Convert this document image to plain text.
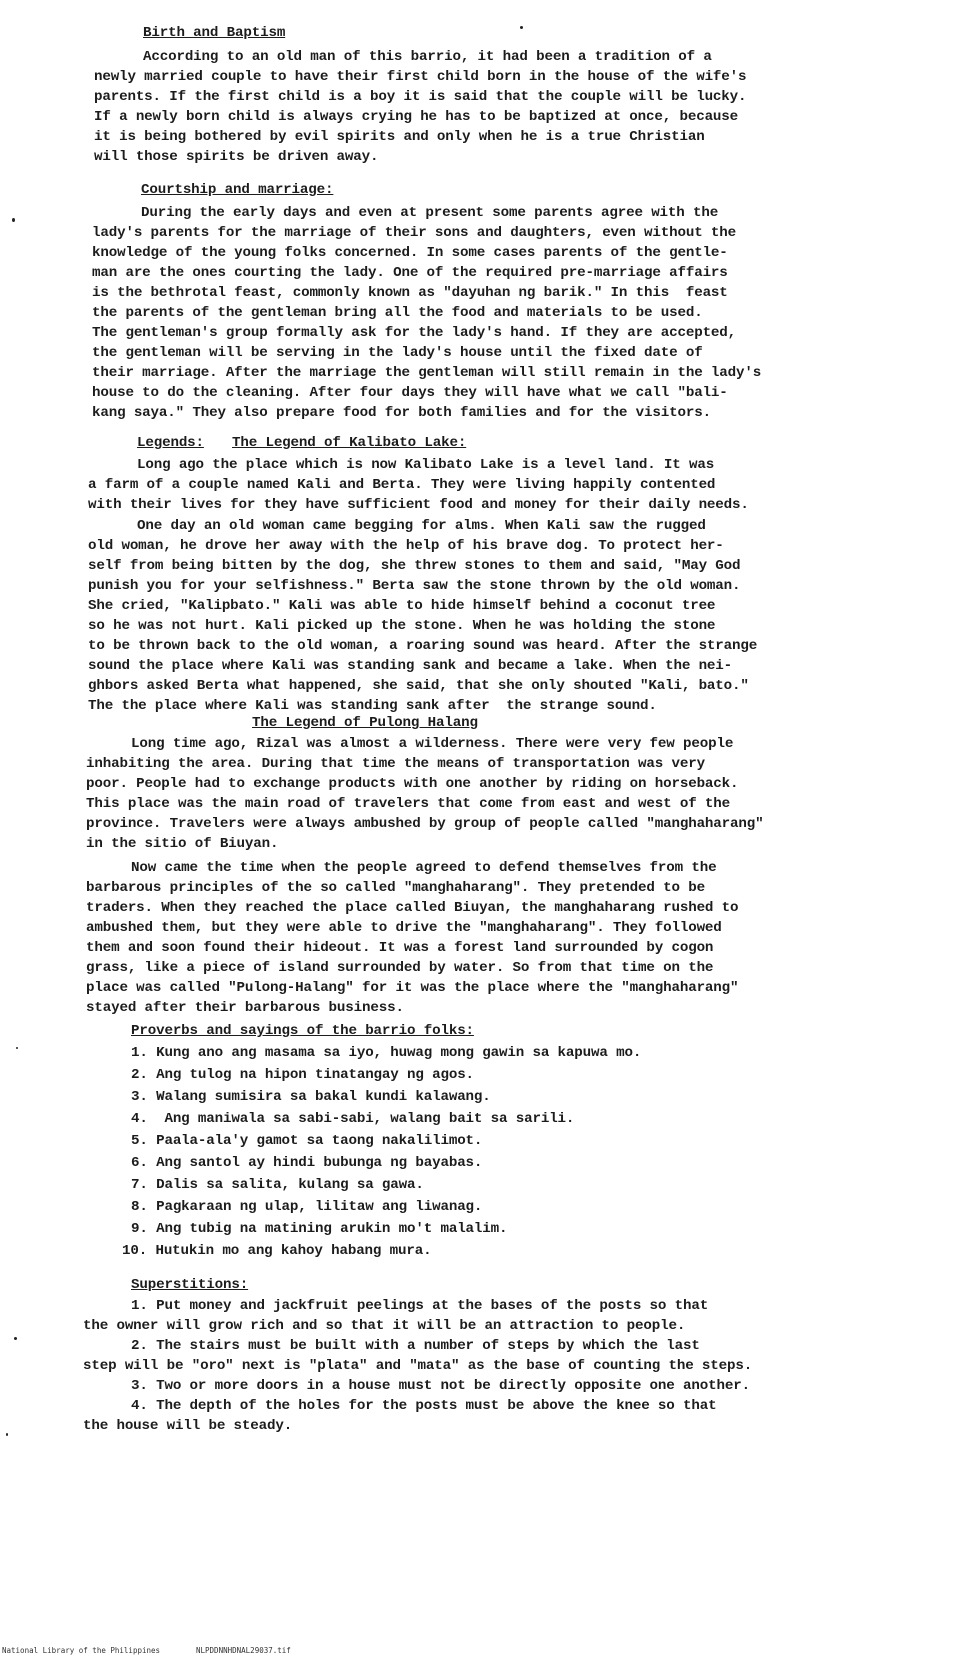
Birth and Baptism
According to an old man of this barrio, it had been a tradition of a
newly married couple to have their first child born in the house of the wife's
parents. If the first child is a boy it is said that the couple will be lucky.
If a newly born child is always crying he has to be baptized at once, because
it is being bothered by evil spirits and only when he is a true Christian
will those spirits be driven away.
Courtship and marriage:
During the early days and even at present some parents agree with the
lady's parents for the marriage of their sons and daughters, even without the
knowledge of the young folks concerned. In some cases parents of the gentle-
man are the ones courting the lady. One of the required pre-marriage affairs
is the bethrotal feast, commonly known as "dayuhan ng barik." In this  feast
the parents of the gentleman bring all the food and materials to be used.
The gentleman's group formally ask for the lady's hand. If they are accepted,
the gentleman will be serving in the lady's house until the fixed date of
their marriage. After the marriage the gentleman will still remain in the lady's
house to do the cleaning. After four days they will have what we call "bali-
kang saya." They also prepare food for both families and for the visitors.
Legends: The Legend of Kalibato Lake:
Long ago the place which is now Kalibato Lake is a level land. It was
a farm of a couple named Kali and Berta. They were living happily contented
with their lives for they have sufficient food and money for their daily needs.
One day an old woman came begging for alms. When Kali saw the rugged
old woman, he drove her away with the help of his brave dog. To protect her-
self from being bitten by the dog, she threw stones to them and said, "May God
punish you for your selfishness." Berta saw the stone thrown by the old woman.
She cried, "Kalipbato." Kali was able to hide himself behind a coconut tree
so he was not hurt. Kali picked up the stone. When he was holding the stone
to be thrown back to the old woman, a roaring sound was heard. After the strange
sound the place where Kali was standing sank and became a lake. When the nei-
ghbors asked Berta what happened, she said, that she only shouted "Kali, bato."
The the place where Kali was standing sank after  the strange sound.
The Legend of Pulong Halang
Long time ago, Rizal was almost a wilderness. There were very few people
inhabiting the area. During that time the means of transportation was very
poor. People had to exchange products with one another by riding on horseback.
This place was the main road of travelers that come from east and west of the
province. Travelers were always ambushed by group of people called "manghaharang"
in the sitio of Biuyan.
Now came the time when the people agreed to defend themselves from the
barbarous principles of the so called "manghaharang". They pretended to be
traders. When they reached the place called Biuyan, the manghaharang rushed to
ambushed them, but they were able to drive the "manghaharang". They followed
them and soon found their hideout. It was a forest land surrounded by cogon
grass, like a piece of island surrounded by water. So from that time on the
place was called "Pulong-Halang" for it was the place where the "manghaharang"
stayed after their barbarous business.
Proverbs and sayings of the barrio folks:
1. Kung ano ang masama sa iyo, huwag mong gawin sa kapuwa mo.
2. Ang tulog na hipon tinatangay ng agos.
3. Walang sumisira sa bakal kundi kalawang.
4.  Ang maniwala sa sabi-sabi, walang bait sa sarili.
5. Paala-ala'y gamot sa taong nakalilimot.
6. Ang santol ay hindi bubunga ng bayabas.
7. Dalis sa salita, kulang sa gawa.
8. Pagkaraan ng ulap, lilitaw ang liwanag.
9. Ang tubig na matining arukin mo't malalim.
10. Hutukin mo ang kahoy habang mura.
Superstitions:
1. Put money and jackfruit peelings at the bases of the posts so that
the owner will grow rich and so that it will be an attraction to people.
2. The stairs must be built with a number of steps by which the last
step will be "oro" next is "plata" and "mata" as the base of counting the steps.
3. Two or more doors in a house must not be directly opposite one another.
4. The depth of the holes for the posts must be above the knee so that
the house will be steady.
National Library of the Philippines	NLPDDNNHDNAL29037.tif
